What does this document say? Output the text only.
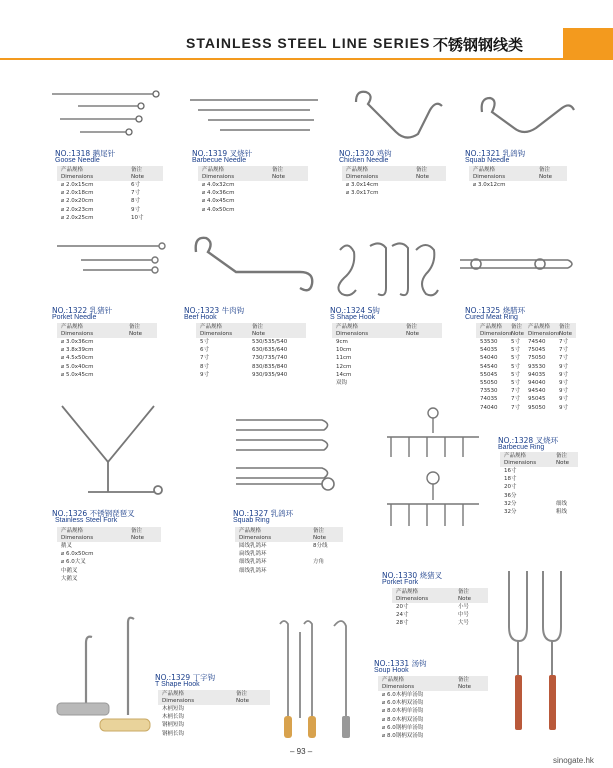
STAINLESS STEEL LINE SERIES 不锈钢钢线类
NO.:1318 鹅尾针
Goose Needle
产品规格
Dimensions
备注
Note
⌀ 2.0x15cm	6寸
⌀ 2.0x18cm	7寸
⌀ 2.0x20cm	8寸
⌀ 2.0x23cm	9寸
⌀ 2.0x25cm	10寸
NO.:1319 叉烧针
Barbecue Needle
产品规格
Dimensions
备注
Note
⌀ 4.0x32cm
⌀ 4.0x36cm
⌀ 4.0x45cm
⌀ 4.0x50cm
NO.:1320 鸡钩
Chicken Needle
产品规格
Dimensions
备注
Note
⌀ 3.0x14cm
⌀ 3.0x17cm
NO.:1321 乳鸽钩
Squab Needle
产品规格
Dimensions
备注
Note
⌀ 3.0x12cm
NO.:1322 乳猪针
Porket Needle
产品规格
Dimensions
备注
Note
⌀ 3.0x36cm
⌀ 3.8x39cm
⌀ 4.5x50cm
⌀ 5.0x40cm
⌀ 5.0x45cm
NO.:1323 牛肉钩
Beef Hook
产品规格
Dimensions
备注
Note
5寸	530/535/540
6寸	630/635/640
7寸	730/735/740
8寸	830/835/840
9寸	930/935/940
NO.:1324 S钩
S Shape Hook
产品规格
Dimensions
备注
Note
9cm
10cm
11cm
12cm
14cm
双钩
NO.:1325 烧腊环
Cured Meat Ring
产品规格
Dimensions
备注
Note
产品规格
Dimensions
备注
Note
53530	5寸	74540	7寸
54035	5寸	75045	7寸
54040	5寸	75050	7寸
54540	5寸	93530	9寸
55045	5寸	94035	9寸
55050	5寸	94040	9寸
73530	7寸	94540	9寸
74035	7寸	95045	9寸
74040	7寸	95050	9寸
NO.:1326 不锈钢琵琶叉
Stainless Steel Fork
产品规格
Dimensions
备注
Note
鹅叉
⌀ 6.0x50cm
⌀ 6.0大叉
中鹅叉
大鹅叉
NO.:1327 乳鸽环
Squab Ring
产品规格
Dimensions
备注
Note
圆线乳鸽环	8分线
扁线乳鸽环
细线乳鸽环	方角
细线乳鸽环
NO.:1328 叉烧环
Barbecue Ring
产品规格
Dimensions
备注
Note
16寸
18寸
20寸
36分
32分	细线
32分	粗线
NO.:1329 丁字钩
T Shape Hook
产品规格
Dimensions
备注
Note
木柄短钩
木柄长钩
钢柄短钩
钢柄长钩
NO.:1331 汤钩
Soup Hook
产品规格
Dimensions
备注
Note
⌀ 6.0木柄单汤钩
⌀ 6.0木柄双汤钩
⌀ 8.0木柄单汤钩
⌀ 8.0木柄双汤钩
⌀ 6.0钢柄单汤钩
⌀ 8.0钢柄双汤钩
NO.:1330 烧猪叉
Porket Fork
产品规格
Dimensions
备注
Note
20寸	小号
24寸	中号
28寸	大号
– 93 –
sinogate.hk
